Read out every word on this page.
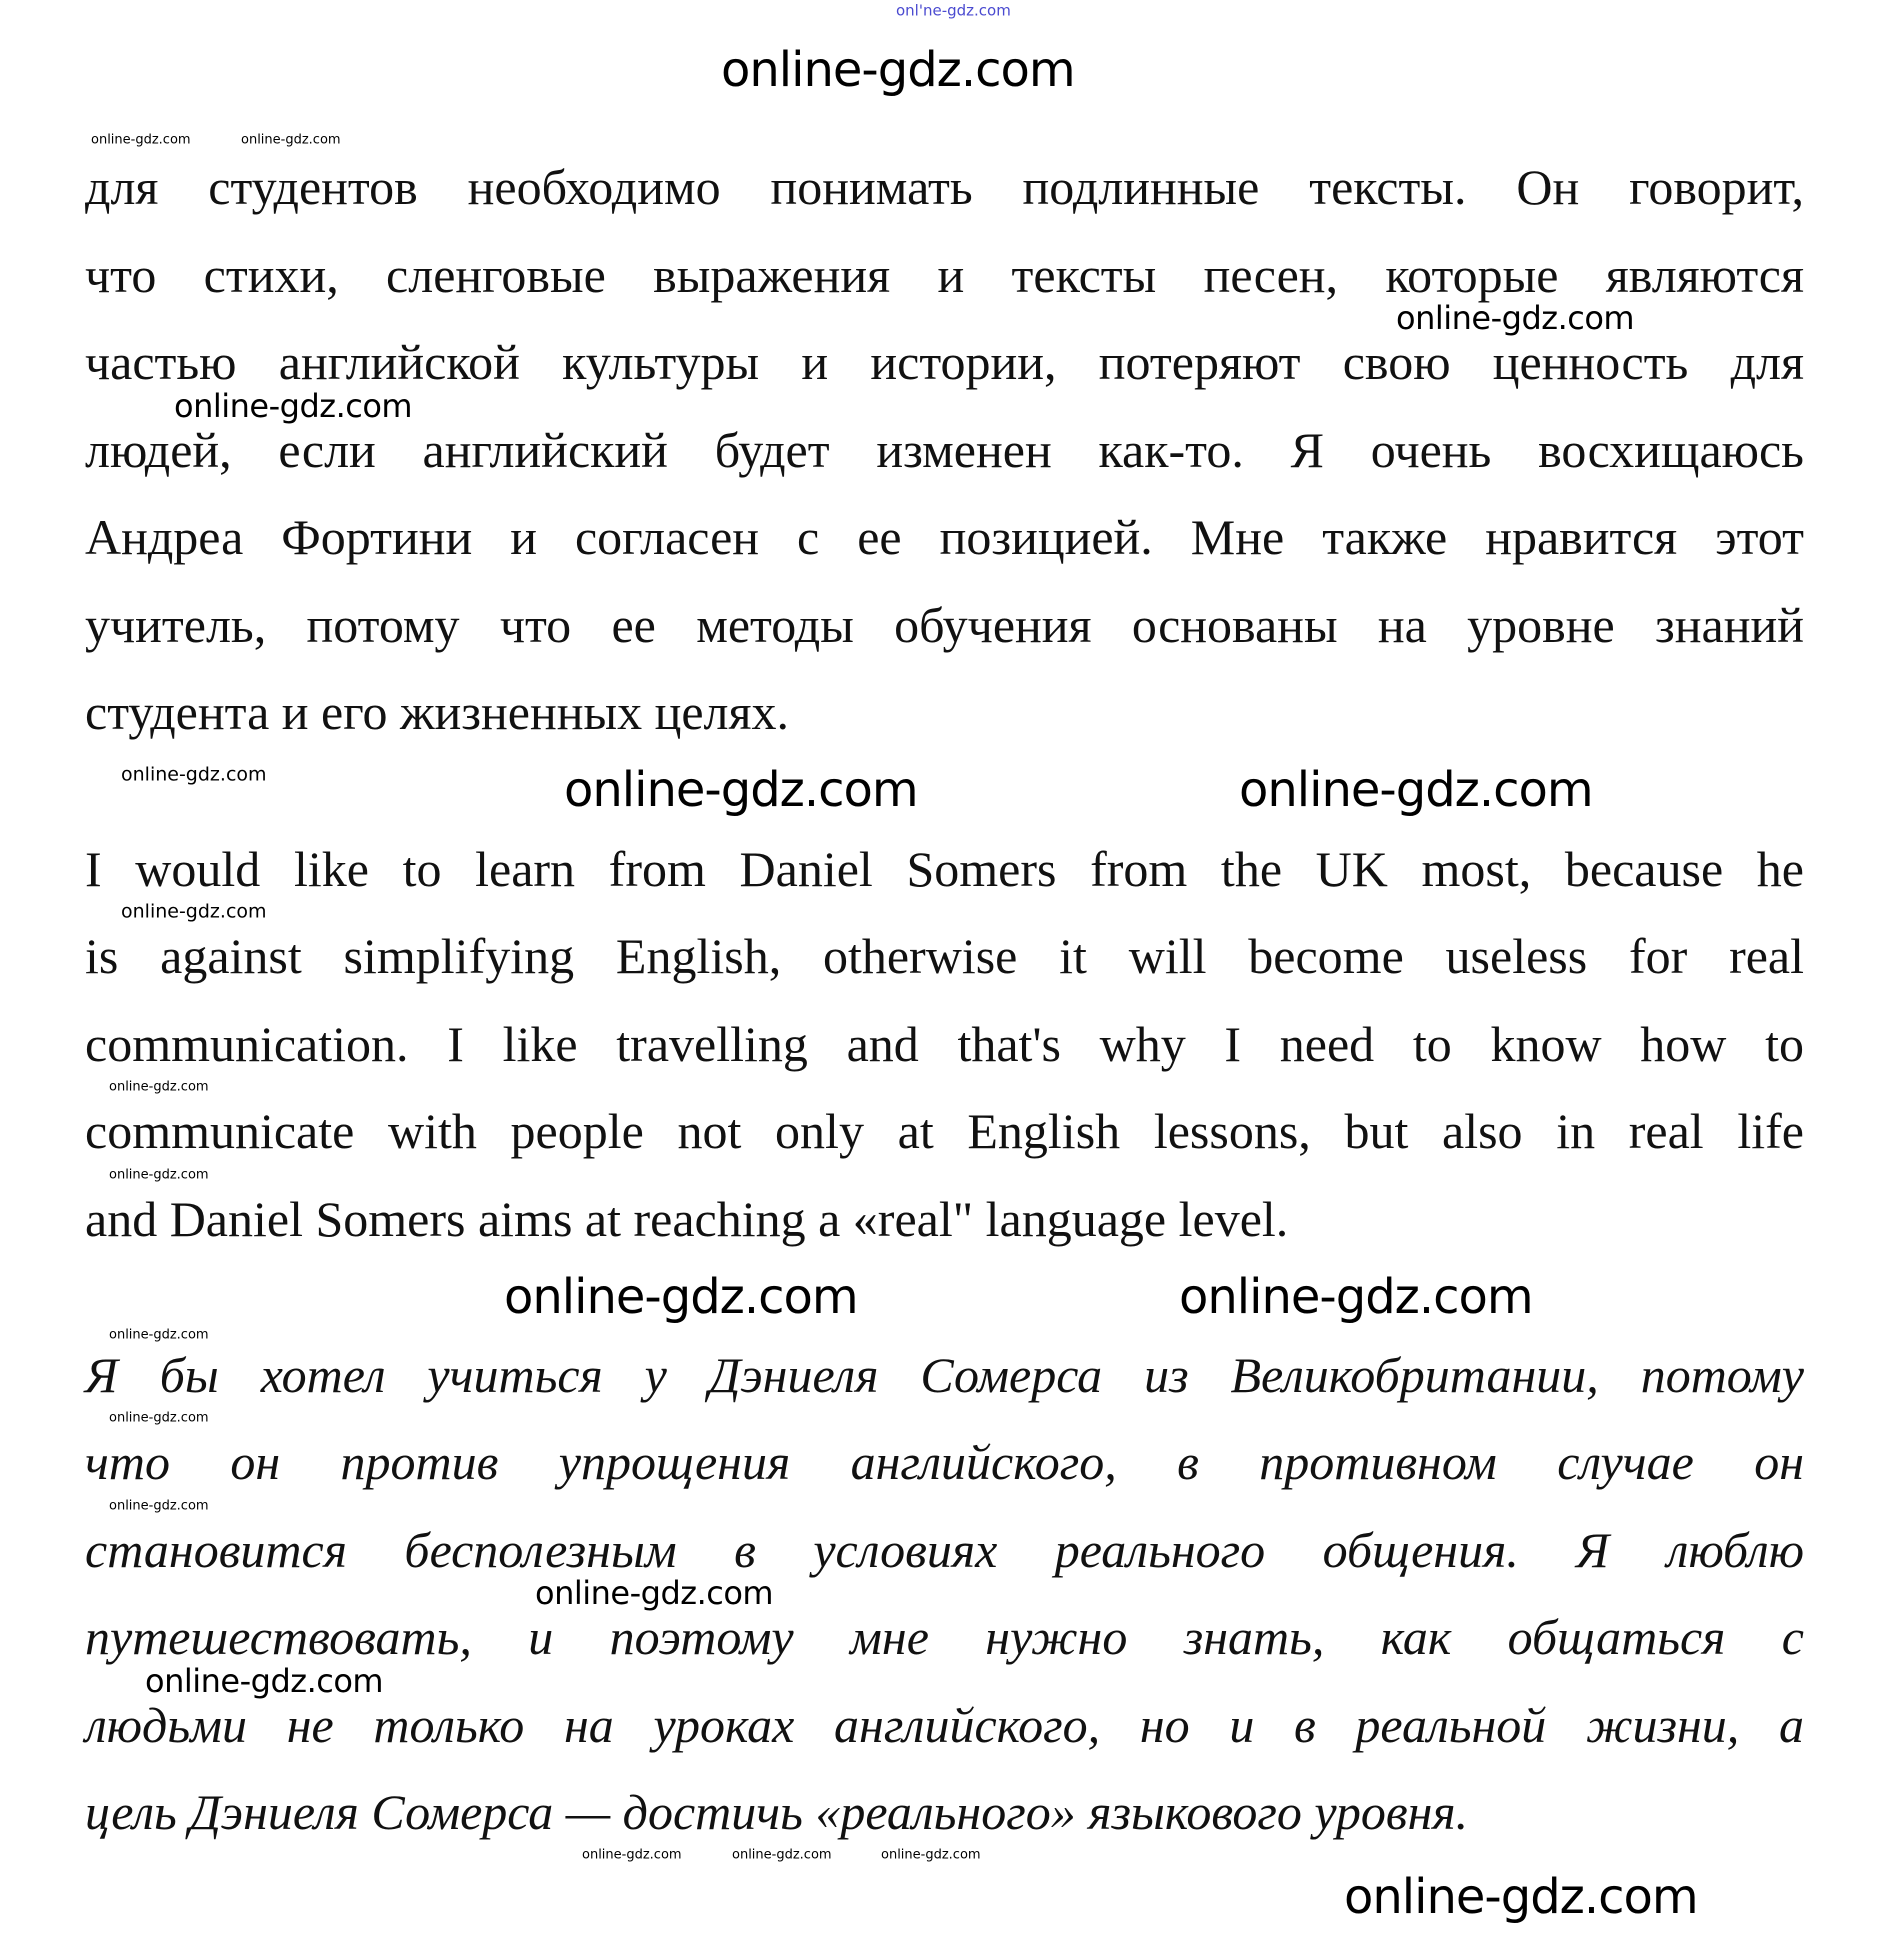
onl'ne-gdz.com
для студентов необходимо понимать подлинные тексты. Он говорит,
что стихи, сленговые выражения и тексты песен, которые являются
частью английской культуры и истории, потеряют свою ценность для
людей, если английский будет изменен как-то. Я очень восхищаюсь
Андреа Фортини и согласен с ее позицией. Мне также нравится этот
учитель, потому что ее методы обучения основаны на уровне знаний
студента и его жизненных целях.
I would like to learn from Daniel Somers from the UK most, because he
is against simplifying English, otherwise it will become useless for real
communication. I like travelling and that's why I need to know how to
communicate with people not only at English lessons, but also in real life
and Daniel Somers aims at reaching a «real" language level.
Я бы хотел учиться у Дэниеля Сомерса из Великобритании, потому
что он против упрощения английского, в противном случае он
становится бесполезным в условиях реального общения. Я люблю
путешествовать, и поэтому мне нужно знать, как общаться с
людьми не только на уроках английского, но и в реальной жизни, а
цель Дэниеля Сомерса — достичь «реального» языкового уровня.
online-gdz.com	online-gdz.com
online-gdz.com
online-gdz.com
online-gdz.com
online-gdz.com
online-gdz.com	online-gdz.com
online-gdz.com
online-gdz.com
online-gdz.com
online-gdz.com	online-gdz.com
online-gdz.com
online-gdz.com
online-gdz.com
online-gdz.com
online-gdz.com
online-gdz.com
online-gdz.com	online-gdz.com	online-gdz.com
